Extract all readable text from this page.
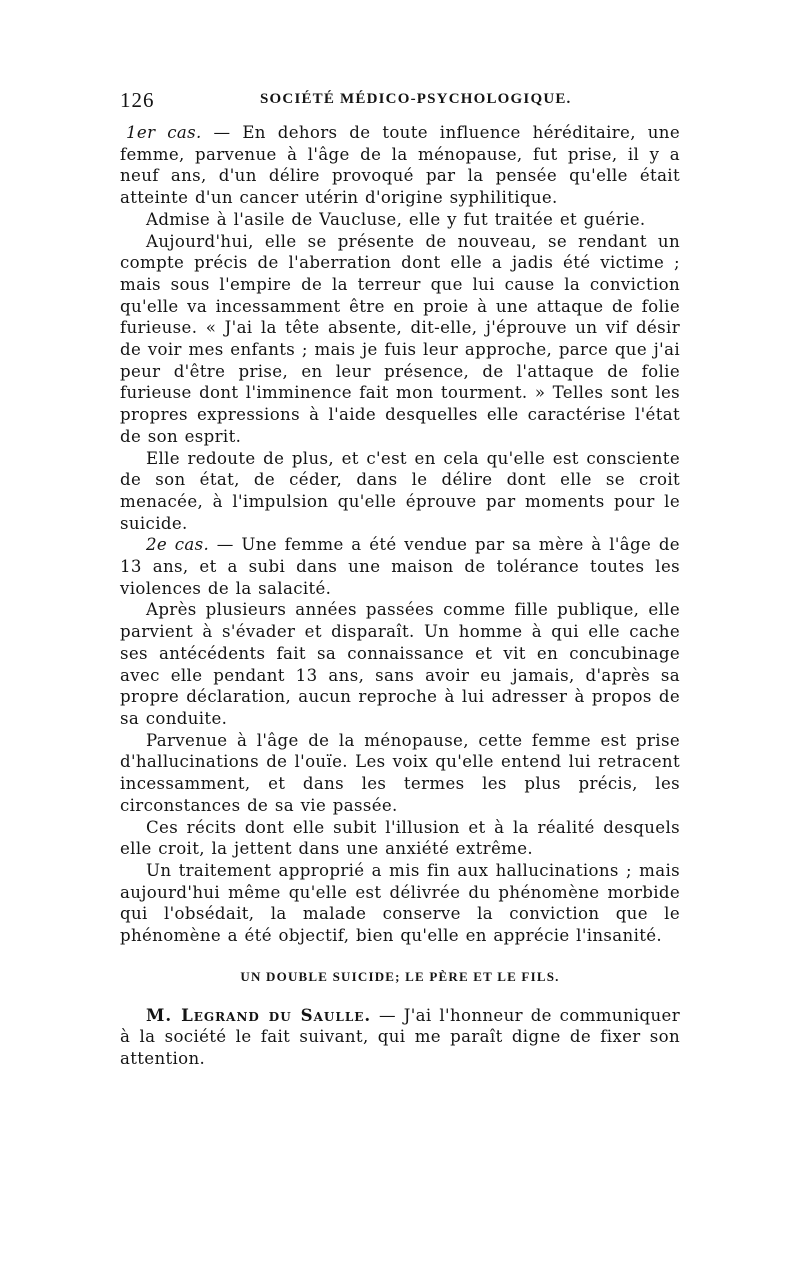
126	SOCIÉTÉ MÉDICO-PSYCHOLOGIQUE.

1er cas. — En dehors de toute influence héréditaire, une femme, parvenue à l'âge de la ménopause, fut prise, il y a neuf ans, d'un délire provoqué par la pensée qu'elle était atteinte d'un cancer utérin d'origine syphilitique.

Admise à l'asile de Vaucluse, elle y fut traitée et guérie.

Aujourd'hui, elle se présente de nouveau, se rendant un compte précis de l'aberration dont elle a jadis été victime ; mais sous l'empire de la terreur que lui cause la conviction qu'elle va incessamment être en proie à une attaque de folie furieuse. « J'ai la tête absente, dit-elle, j'éprouve un vif désir de voir mes enfants ; mais je fuis leur approche, parce que j'ai peur d'être prise, en leur présence, de l'attaque de folie furieuse dont l'imminence fait mon tourment. » Telles sont les propres expressions à l'aide desquelles elle caractérise l'état de son esprit.

Elle redoute de plus, et c'est en cela qu'elle est consciente de son état, de céder, dans le délire dont elle se croit menacée, à l'impulsion qu'elle éprouve par moments pour le suicide.

2e cas. — Une femme a été vendue par sa mère à l'âge de 13 ans, et a subi dans une maison de tolérance toutes les violences de la salacité.

Après plusieurs années passées comme fille publique, elle parvient à s'évader et disparaît. Un homme à qui elle cache ses antécédents fait sa connaissance et vit en concubinage avec elle pendant 13 ans, sans avoir eu jamais, d'après sa propre déclaration, aucun reproche à lui adresser à propos de sa conduite.

Parvenue à l'âge de la ménopause, cette femme est prise d'hallucinations de l'ouïe. Les voix qu'elle entend lui retracent incessamment, et dans les termes les plus précis, les circonstances de sa vie passée.

Ces récits dont elle subit l'illusion et à la réalité desquels elle croit, la jettent dans une anxiété extrême.

Un traitement approprié a mis fin aux hallucinations ; mais aujourd'hui même qu'elle est délivrée du phénomène morbide qui l'obsédait, la malade conserve la conviction que le phénomène a été objectif, bien qu'elle en apprécie l'insanité.

UN DOUBLE SUICIDE; LE PÈRE ET LE FILS.

M. Legrand du Saulle. — J'ai l'honneur de communiquer à la société le fait suivant, qui me paraît digne de fixer son attention.
